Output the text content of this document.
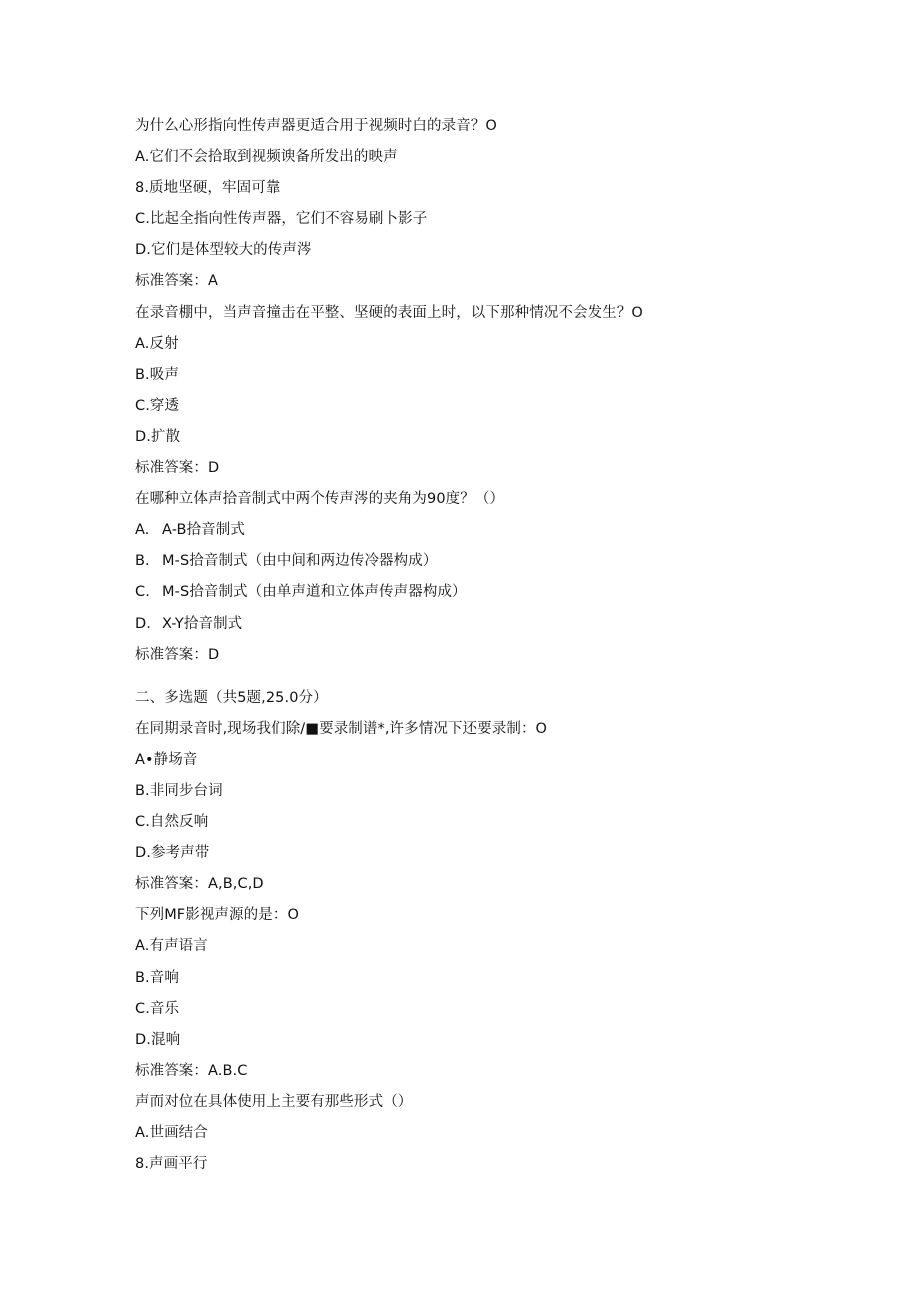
为什么心形指向性传声器更适合用于视频时白的录音？O
A.它们不会拾取到视频谀备所发出的映声
8.质地坚硬，牢固可靠
C.比起全指向性传声器，它们不容易刷卜影子
D.它们是体型较大的传声涔
标准答案：A
在录音棚中，当声音撞击在平整、坚硬的表面上时，以下那种情况不会发生？O
A.反射
B.吸声
C.穿透
D.扩散
标准答案：D
在哪种立体声拾音制式中两个传声涔的夹角为90度？（）
A. A-B拾音制式
B. M-S拾音制式（由中间和两边传冷器构成）
C. M-S拾音制式（由单声道和立体声传声器构成）
D. X-Y拾音制式
标准答案：D
二、多选题（共5题,25.0分）
在同期录音时,现场我们除/■要录制谱*,许多情况下还要录制：O
A•静场音
B.非同步台词
C.自然反响
D.参考声带
标准答案：A,B,C,D
下列MF影视声源的是：O
A.有声语言
B.音响
C.音乐
D.混响
标准答案：A.B.C
声而对位在具体使用上主要有那些形式（）
A.世画结合
8.声画平行
